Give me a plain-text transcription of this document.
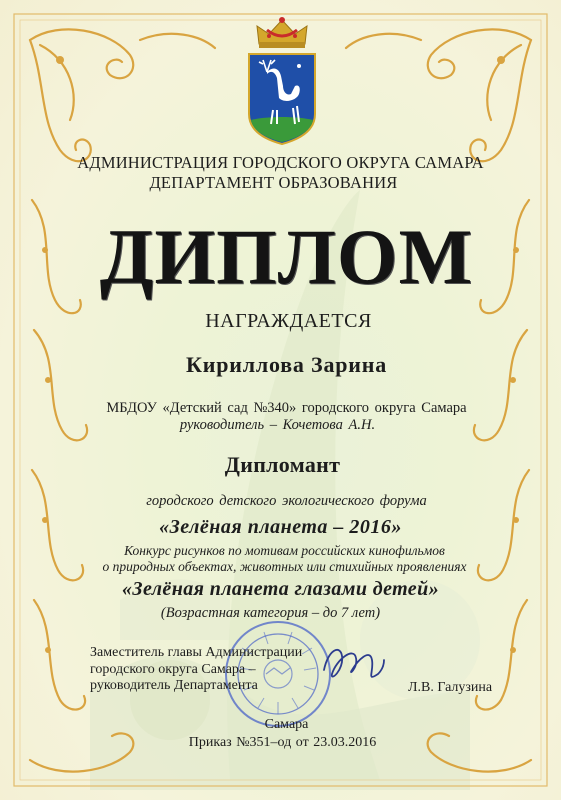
АДМИНИСТРАЦИЯ ГОРОДСКОГО ОКРУГА САМАРА
ДЕПАРТАМЕНТ ОБРАЗОВАНИЯ
ДИПЛОМ
НАГРАЖДАЕТСЯ
Кириллова Зарина
МБДОУ «Детский сад №340» городского округа Самара
руководитель – Кочетова А.Н.
Дипломант
городского детского экологического форума
«Зелёная планета – 2016»
Конкурс рисунков по мотивам российских кинофильмов
о природных объектах, животных или стихийных проявлениях
«Зелёная планета глазами детей»
(Возрастная категория – до 7 лет)
Заместитель главы Администрации
городского округа Самара –
руководитель Департамента	Л.В. Галузина
Самара
Приказ №351–од от 23.03.2016
